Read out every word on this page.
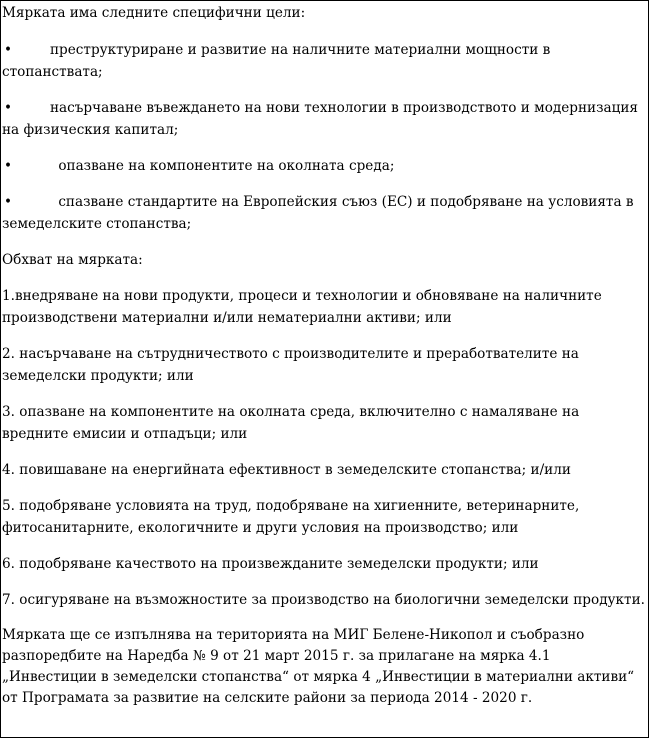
Мярката има следните специфични цели:

•	преструктуриране и развитие на наличните материални мощности в стопанствата;

•	насърчаване въвеждането на нови технологии в производството и модернизация на физическия капитал;

•	опазване на компонентите на околната среда;

•	спазване стандартите на Европейския съюз (ЕС) и подобряване на условията в земеделските стопанства;

Обхват на мярката:

1.внедряване на нови продукти, процеси и технологии и обновяване на наличните производствени материални и/или нематериални активи; или

2. насърчаване на сътрудничеството с производителите и преработвателите на земеделски продукти; или

3. опазване на компонентите на околната среда, включително с намаляване на вредните емисии и отпадъци; или

4. повишаване на енергийната ефективност в земеделските стопанства; и/или

5. подобряване условията на труд, подобряване на хигиенните, ветеринарните, фитосанитарните, екологичните и други условия на производство; или

6. подобряване качеството на произвежданите земеделски продукти; или

7. осигуряване на възможностите за производство на биологични земеделски продукти.

Мярката ще се изпълнява на територията на МИГ Белене-Никопол и съобразно разпоредбите на Наредба № 9 от 21 март 2015 г. за прилагане на мярка 4.1 „Инвестиции в земеделски стопанства“ от мярка 4 „Инвестиции в материални активи“ от Програмата за развитие на селските райони за периода 2014 - 2020 г.
